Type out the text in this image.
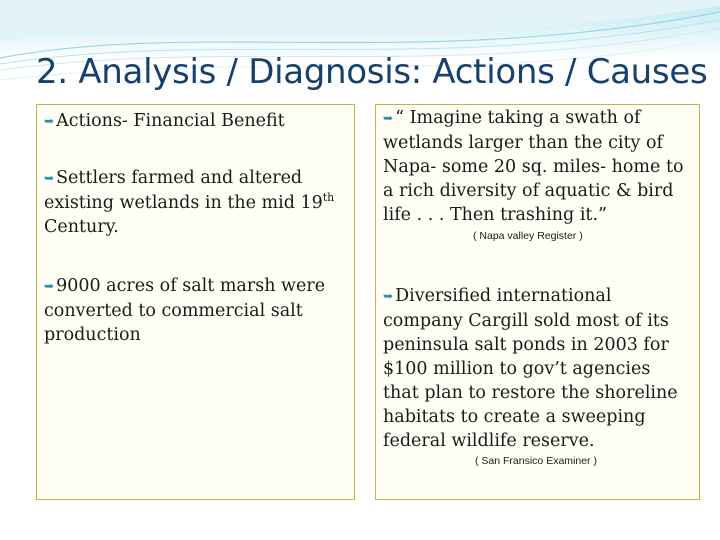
2. Analysis / Diagnosis: Actions / Causes

➥ Actions- Financial Benefit

➥ Settlers farmed and altered existing wetlands in the mid 19th Century.

➥ 9000 acres of salt marsh were converted to commercial salt production

➥ “ Imagine taking a swath of wetlands larger than the city of Napa- some 20 sq. miles- home to a rich diversity of aquatic & bird life . . . Then trashing it.”

( Napa valley Register )

➥ Diversified international company Cargill sold most of its peninsula salt ponds in 2003 for $100 million to gov’t agencies that plan to restore the shoreline habitats to create a sweeping federal wildlife reserve.

( San Fransico Examiner )
